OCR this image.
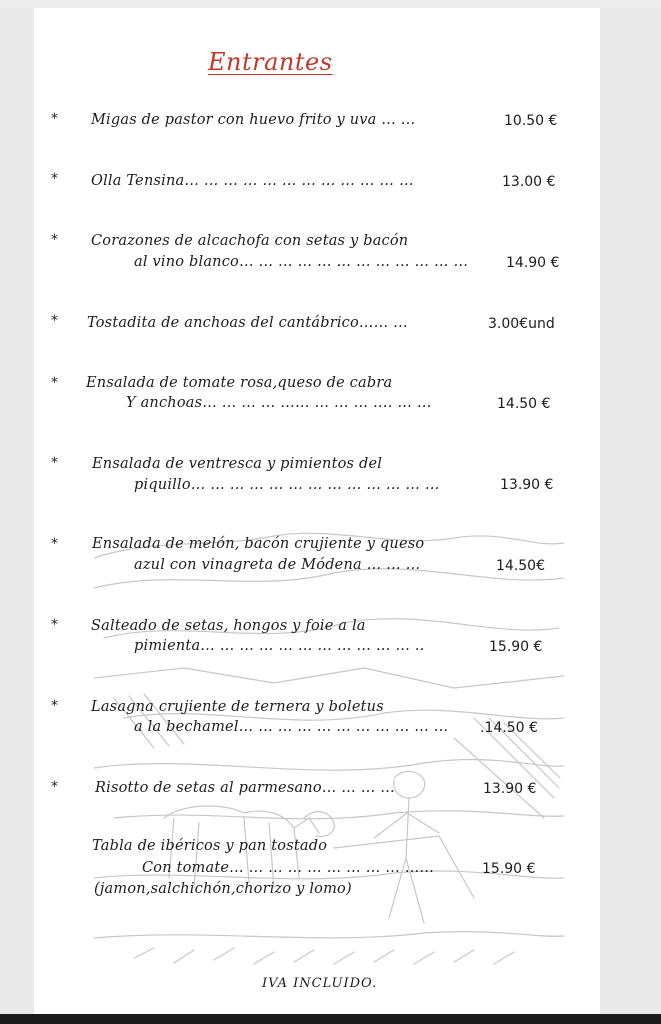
Entrantes
* Migas de pastor con huevo frito y uva … …	10.50 €
* Olla Tensina… … … … … … … … … … … …	13.00 €
* Corazones de alcachofa con setas y bacón
al vino blanco… … … … … … … … … … … …	14.90 €
* Tostadita de anchoas del cantábrico…… …	3.00€und
* Ensalada de tomate rosa,queso de cabra
Y anchoas… … … … …… … … … …. … …	14.50 €
* Ensalada de ventresca y pimientos del
piquillo… … … … … … … … … … … … …	13.90 €
* Ensalada de melón, bacón crujiente y queso
azul con vinagreta de Módena … … …	14.50€
* Salteado de setas, hongos y foie a la
pimienta… … … … … … … … … … … ..	15.90 €
* Lasagna crujiente de ternera y boletus
a la bechamel… … … … … … … … … … … .14.50 €
*	Risotto de setas al parmesano… … … …	13.90 €
Tabla de ibéricos y pan tostado
Con tomate… … … … … … … … … ……
(jamon,salchichón,chorizo y lomo)
15.90 €
IVA INCLUIDO.
